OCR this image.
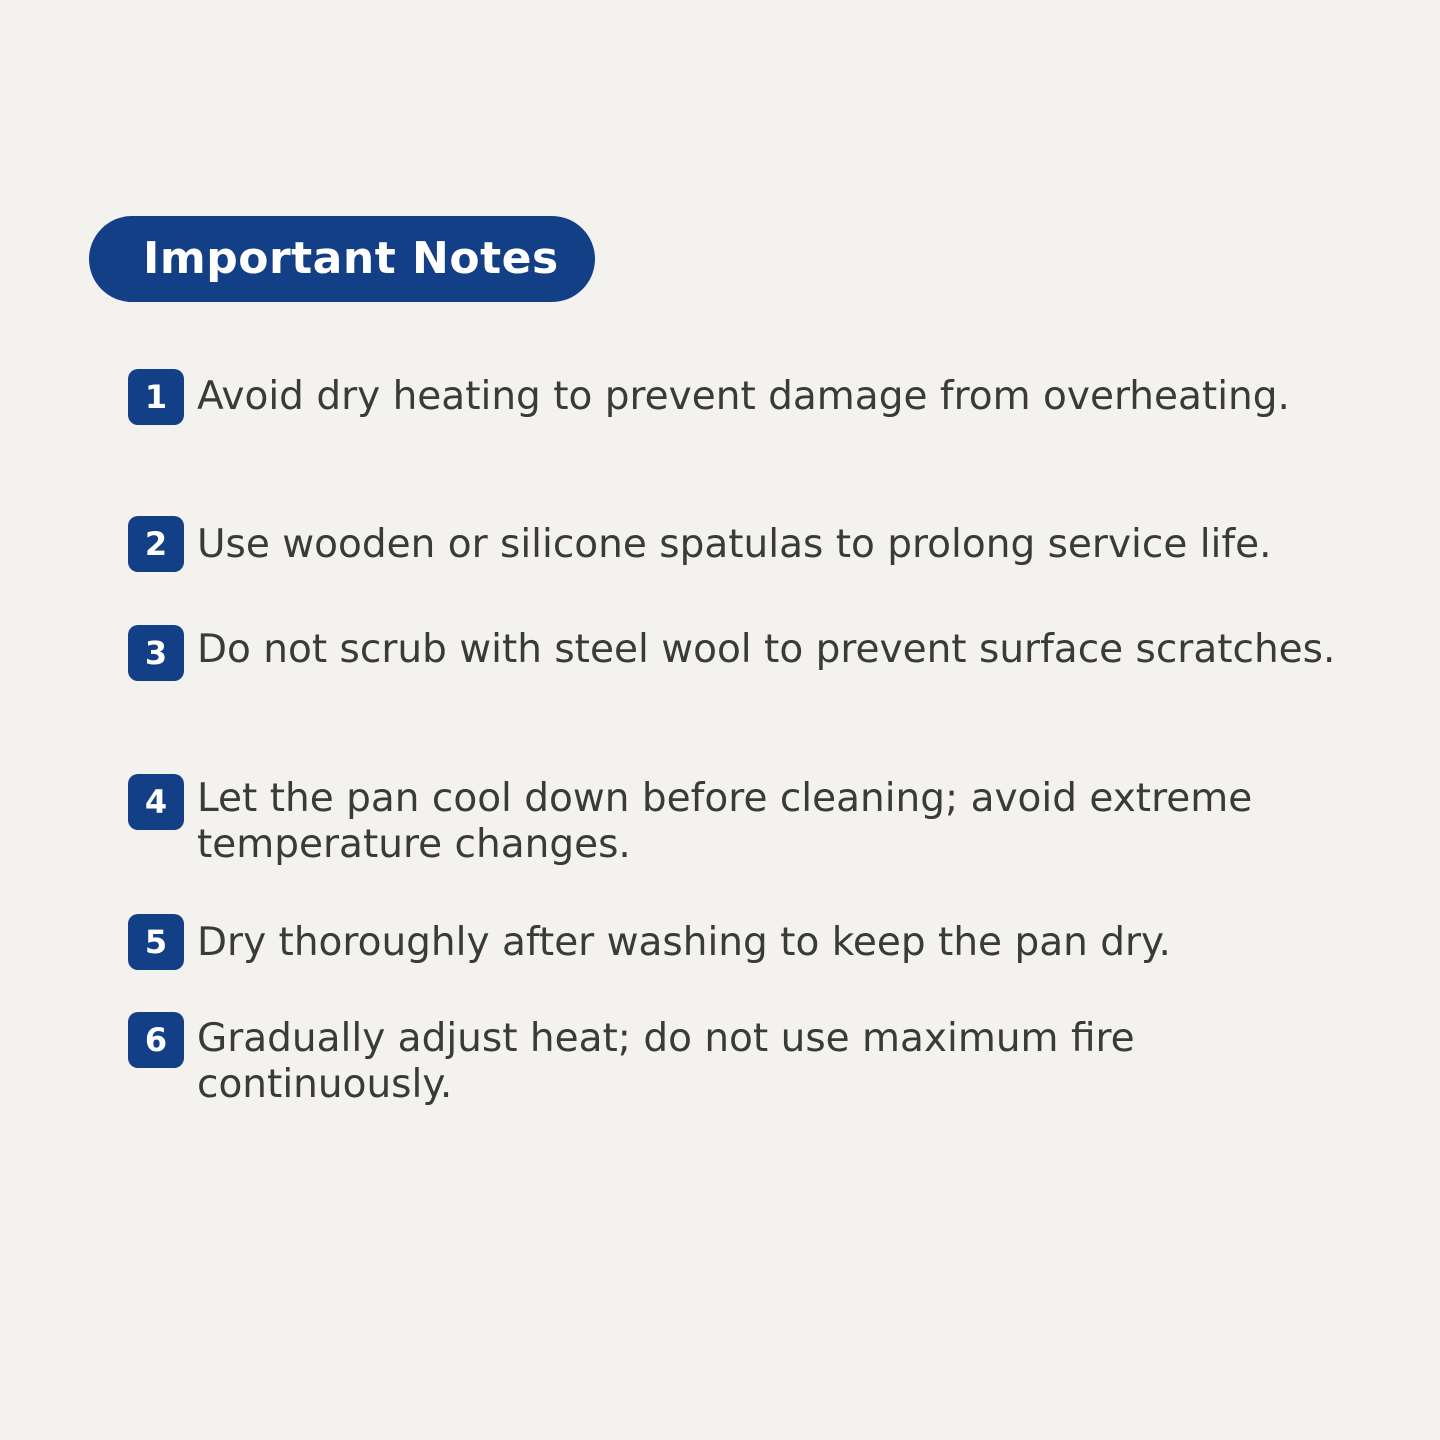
Important Notes
1 Avoid dry heating to prevent damage from overheating.
2 Use wooden or silicone spatulas to prolong service life.
3 Do not scrub with steel wool to prevent surface scratches.
4 Let the pan cool down before cleaning; avoid extreme temperature changes.
5 Dry thoroughly after washing to keep the pan dry.
6 Gradually adjust heat; do not use maximum fire continuously.
